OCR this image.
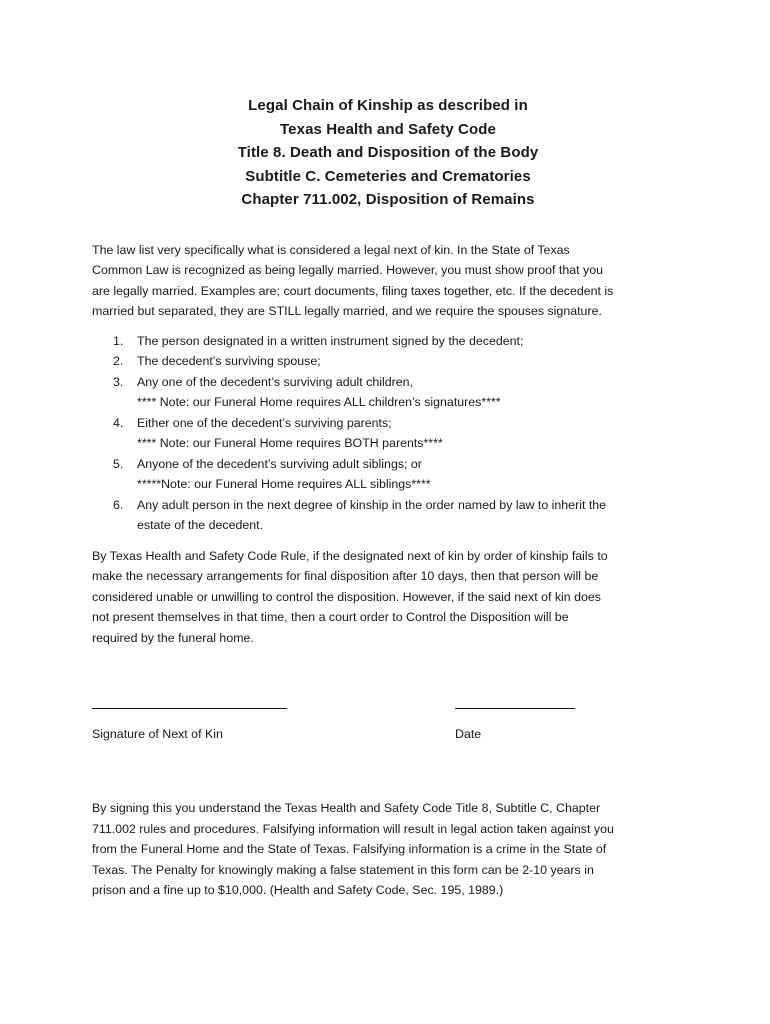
Legal Chain of Kinship as described in
Texas Health and Safety Code
Title 8. Death and Disposition of the Body
Subtitle C. Cemeteries and Crematories
Chapter 711.002, Disposition of Remains
The law list very specifically what is considered a legal next of kin. In the State of Texas
Common Law is recognized as being legally married. However, you must show proof that you
are legally married. Examples are; court documents, filing taxes together, etc. If the decedent is
married but separated, they are STILL legally married, and we require the spouses signature.
1. The person designated in a written instrument signed by the decedent;
2. The decedent’s surviving spouse;
3. Any one of the decedent’s surviving adult children,
**** Note: our Funeral Home requires ALL children’s signatures****
4. Either one of the decedent’s surviving parents;
**** Note: our Funeral Home requires BOTH parents****
5. Anyone of the decedent’s surviving adult siblings; or
*****Note: our Funeral Home requires ALL siblings****
6. Any adult person in the next degree of kinship in the order named by law to inherit the
estate of the decedent.
By Texas Health and Safety Code Rule, if the designated next of kin by order of kinship fails to
make the necessary arrangements for final disposition after 10 days, then that person will be
considered unable or unwilling to control the disposition. However, if the said next of kin does
not present themselves in that time, then a court order to Control the Disposition will be
required by the funeral home.
Signature of Next of Kin	Date
By signing this you understand the Texas Health and Safety Code Title 8, Subtitle C, Chapter
711.002 rules and procedures. Falsifying information will result in legal action taken against you
from the Funeral Home and the State of Texas. Falsifying information is a crime in the State of
Texas. The Penalty for knowingly making a false statement in this form can be 2-10 years in
prison and a fine up to $10,000. (Health and Safety Code, Sec. 195, 1989.)
